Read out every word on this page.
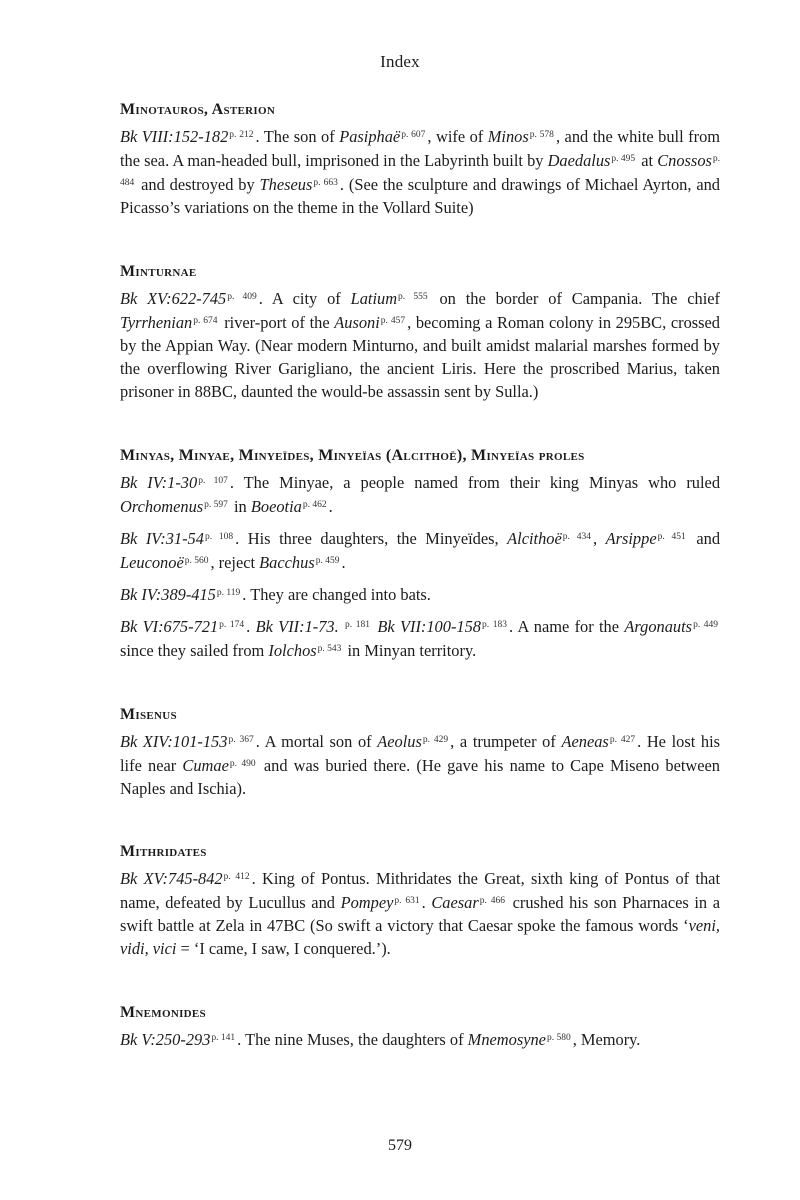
Index
Minotauros, Asterion

Bk VIII:152-182$^{p. 212}$ . The son of Pasiphaë$^{p. 607}$ , wife of Minos$^{p. 578}$ , and the white bull from the sea. A man-headed bull, imprisoned in the Labyrinth built by Daedalus$^{p. 495}$ at Cnossos$^{p. 484}$ and destroyed by Theseus$^{p. 663}$ . (See the sculpture and drawings of Michael Ayrton, and Picasso’s variations on the theme in the Vollard Suite)

Minturnae

Bk XV:622-745$^{p. 409}$ . A city of Latium$^{p. 555}$ on the border of Campania. The chief Tyrrhenian$^{p. 674}$ river-port of the Ausoni$^{p. 457}$ , becoming a Roman colony in 295BC, crossed by the Appian Way. (Near modern Minturno, and built amidst malarial marshes formed by the overflowing River Garigliano, the ancient Liris. Here the proscribed Marius, taken prisoner in 88BC, daunted the would-be assassin sent by Sulla.)

Minyas, Minyae, Minyeïdes, Minyeïas (Alcithoë), Minyeïas proles

Bk IV:1-30$^{p. 107}$ . The Minyae, a people named from their king Minyas who ruled Orchomenus$^{p. 597}$ in Boeotia$^{p. 462}$ .

Bk IV:31-54$^{p. 108}$ . His three daughters, the Minyeïdes, Alcithoë$^{p. 434}$ , Arsippe$^{p. 451}$ and Leuconoë$^{p. 560}$ , reject Bacchus$^{p. 459}$ .

Bk IV:389-415$^{p. 119}$ . They are changed into bats.

Bk VI:675-721$^{p. 174}$ . Bk VII:1-73. $^{p. 181}$ Bk VII:100-158$^{p. 183}$ . A name for the Argonauts$^{p. 449}$ since they sailed from Iolchos$^{p. 543}$ in Minyan territory.

Misenus

Bk XIV:101-153$^{p. 367}$ . A mortal son of Aeolus$^{p. 429}$ , a trumpeter of Aeneas$^{p. 427}$ . He lost his life near Cumae$^{p. 490}$ and was buried there. (He gave his name to Cape Miseno between Naples and Ischia).

Mithridates

Bk XV:745-842$^{p. 412}$ . King of Pontus. Mithridates the Great, sixth king of Pontus of that name, defeated by Lucullus and Pompey$^{p. 631}$ . Caesar$^{p. 466}$ crushed his son Pharnaces in a swift battle at Zela in 47BC (So swift a victory that Caesar spoke the famous words ‘veni, vidi, vici = ‘I came, I saw, I conquered.’).

Mnemonides

Bk V:250-293$^{p. 141}$ . The nine Muses, the daughters of Mnemosyne$^{p. 580}$ , Memory.

579
